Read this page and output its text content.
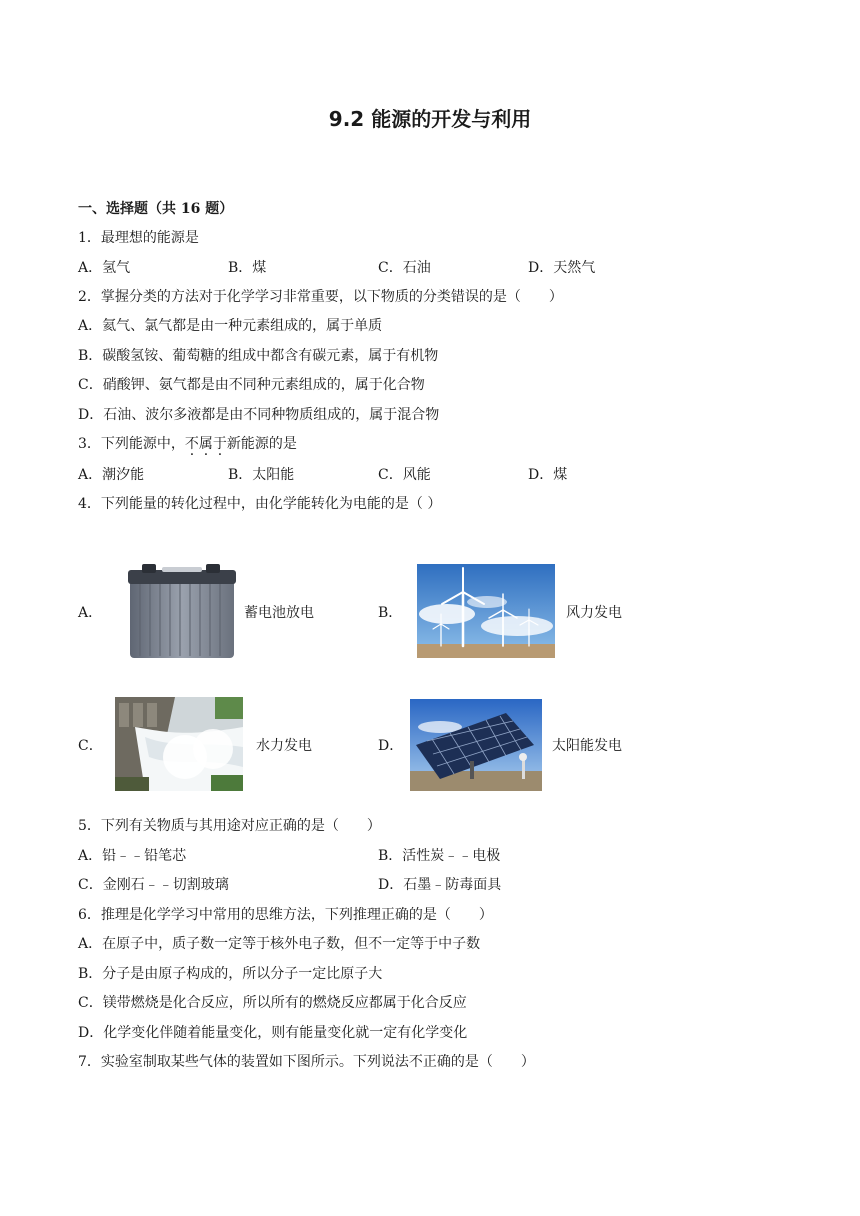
9.2 能源的开发与利用
一、选择题（共 16 题）
1．最理想的能源是
A．氢气	B．煤	C．石油	D．天然气
2．掌握分类的方法对于化学学习非常重要，以下物质的分类错误的是（　　）
A．氦气、氯气都是由一种元素组成的，属于单质
B．碳酸氢铵、葡萄糖的组成中都含有碳元素，属于有机物
C．硝酸钾、氨气都是由不同种元素组成的，属于化合物
D．石油、波尔多液都是由不同种物质组成的，属于混合物
3．下列能源中，不属于新能源的是
A．潮汐能	B．太阳能	C．风能	D．煤
4．下列能量的转化过程中，由化学能转化为电能的是（ ）
A．	蓄电池放电	B．	风力发电
C．	水力发电	D．	太阳能发电
5．下列有关物质与其用途对应正确的是（　　）
A．铅﹣﹣铅笔芯	B．活性炭﹣﹣电极
C．金刚石﹣﹣切割玻璃	D．石墨﹣防毒面具
6．推理是化学学习中常用的思维方法，下列推理正确的是（　　）
A．在原子中，质子数一定等于核外电子数，但不一定等于中子数
B．分子是由原子构成的，所以分子一定比原子大
C．镁带燃烧是化合反应，所以所有的燃烧反应都属于化合反应
D．化学变化伴随着能量变化，则有能量变化就一定有化学变化
7．实验室制取某些气体的装置如下图所示。下列说法不正确的是（　　）
